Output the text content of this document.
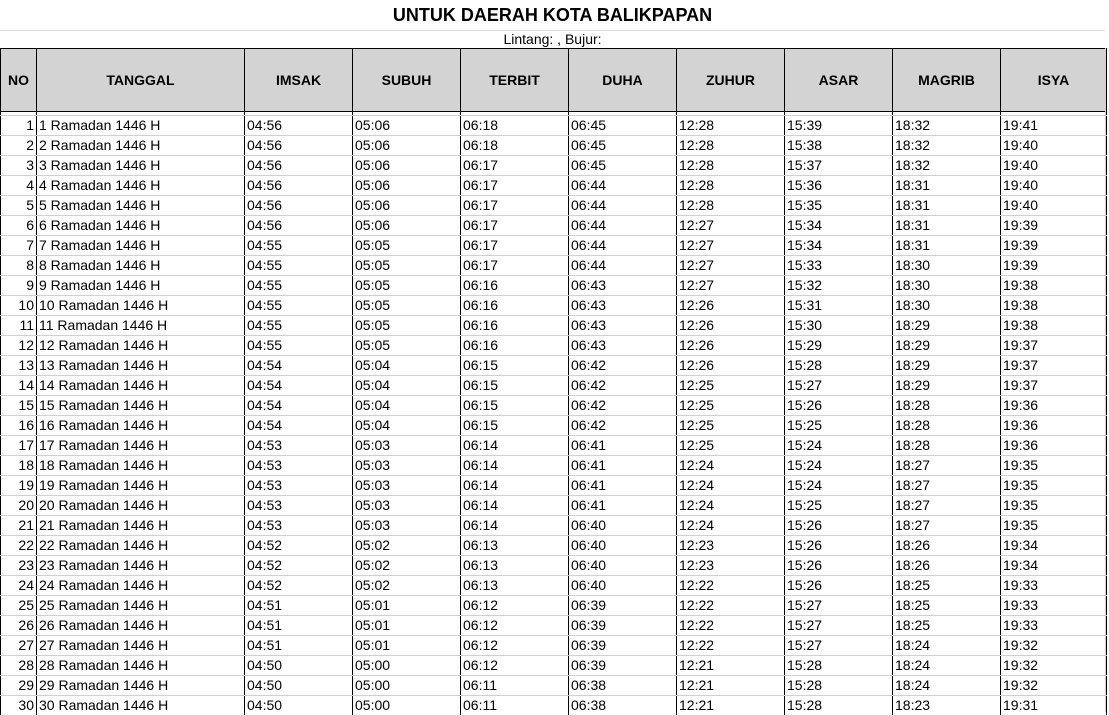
UNTUK DAERAH KOTA BALIKPAPAN
Lintang: , Bujur:
NO	TANGGAL	IMSAK	SUBUH	TERBIT	DUHA	ZUHUR	ASAR	MAGRIB	ISYA

1	1 Ramadan 1446 H	04:56	05:06	06:18	06:45	12:28	15:39	18:32	19:41
2	2 Ramadan 1446 H	04:56	05:06	06:18	06:45	12:28	15:38	18:32	19:40
3	3 Ramadan 1446 H	04:56	05:06	06:17	06:45	12:28	15:37	18:32	19:40
4	4 Ramadan 1446 H	04:56	05:06	06:17	06:44	12:28	15:36	18:31	19:40
5	5 Ramadan 1446 H	04:56	05:06	06:17	06:44	12:28	15:35	18:31	19:40
6	6 Ramadan 1446 H	04:56	05:06	06:17	06:44	12:27	15:34	18:31	19:39
7	7 Ramadan 1446 H	04:55	05:05	06:17	06:44	12:27	15:34	18:31	19:39
8	8 Ramadan 1446 H	04:55	05:05	06:17	06:44	12:27	15:33	18:30	19:39
9	9 Ramadan 1446 H	04:55	05:05	06:16	06:43	12:27	15:32	18:30	19:38
10	10 Ramadan 1446 H	04:55	05:05	06:16	06:43	12:26	15:31	18:30	19:38
11	11 Ramadan 1446 H	04:55	05:05	06:16	06:43	12:26	15:30	18:29	19:38
12	12 Ramadan 1446 H	04:55	05:05	06:16	06:43	12:26	15:29	18:29	19:37
13	13 Ramadan 1446 H	04:54	05:04	06:15	06:42	12:26	15:28	18:29	19:37
14	14 Ramadan 1446 H	04:54	05:04	06:15	06:42	12:25	15:27	18:29	19:37
15	15 Ramadan 1446 H	04:54	05:04	06:15	06:42	12:25	15:26	18:28	19:36
16	16 Ramadan 1446 H	04:54	05:04	06:15	06:42	12:25	15:25	18:28	19:36
17	17 Ramadan 1446 H	04:53	05:03	06:14	06:41	12:25	15:24	18:28	19:36
18	18 Ramadan 1446 H	04:53	05:03	06:14	06:41	12:24	15:24	18:27	19:35
19	19 Ramadan 1446 H	04:53	05:03	06:14	06:41	12:24	15:24	18:27	19:35
20	20 Ramadan 1446 H	04:53	05:03	06:14	06:41	12:24	15:25	18:27	19:35
21	21 Ramadan 1446 H	04:53	05:03	06:14	06:40	12:24	15:26	18:27	19:35
22	22 Ramadan 1446 H	04:52	05:02	06:13	06:40	12:23	15:26	18:26	19:34
23	23 Ramadan 1446 H	04:52	05:02	06:13	06:40	12:23	15:26	18:26	19:34
24	24 Ramadan 1446 H	04:52	05:02	06:13	06:40	12:22	15:26	18:25	19:33
25	25 Ramadan 1446 H	04:51	05:01	06:12	06:39	12:22	15:27	18:25	19:33
26	26 Ramadan 1446 H	04:51	05:01	06:12	06:39	12:22	15:27	18:25	19:33
27	27 Ramadan 1446 H	04:51	05:01	06:12	06:39	12:22	15:27	18:24	19:32
28	28 Ramadan 1446 H	04:50	05:00	06:12	06:39	12:21	15:28	18:24	19:32
29	29 Ramadan 1446 H	04:50	05:00	06:11	06:38	12:21	15:28	18:24	19:32
30	30 Ramadan 1446 H	04:50	05:00	06:11	06:38	12:21	15:28	18:23	19:31
